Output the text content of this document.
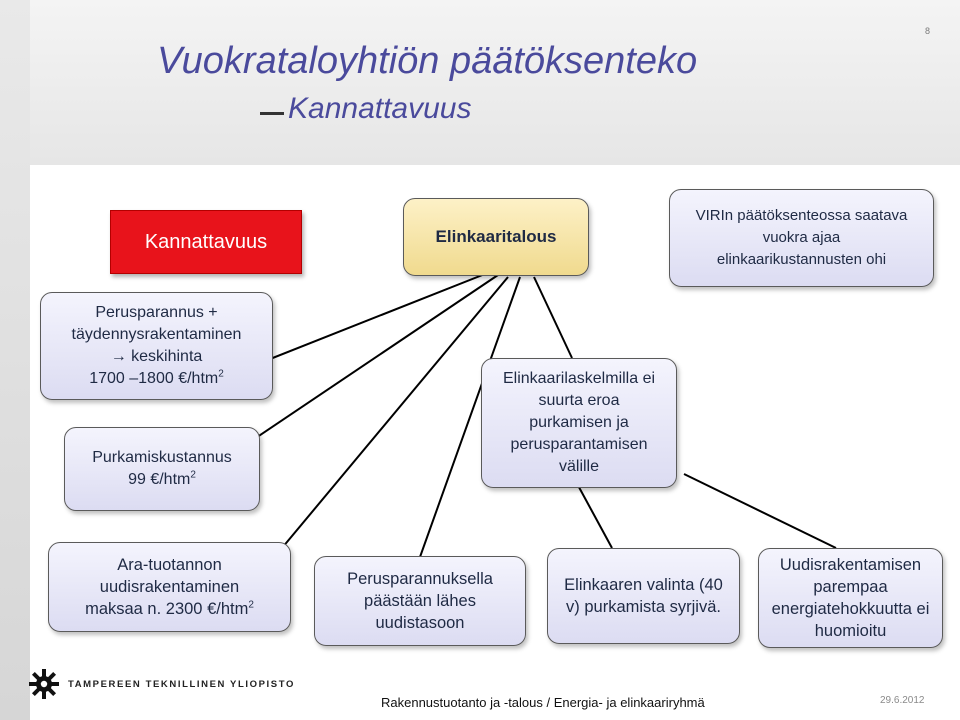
Vuokrataloyhtiön päätöksenteko
Kannattavuus
8
Kannattavuus	Elinkaaritalous
VIRIn päätöksenteossa saatava vuokra ajaa elinkaarikustannusten ohi
Perusparannus +
täydennysrakentaminen
→ keskihinta
1700 –1800 €/htm$^2$
Purkamiskustannus
99 €/htm$^2$
Elinkaarilaskelmilla ei suurta eroa purkamisen ja perusparantamisen välille
Ara-tuotannon
uudisrakentaminen
maksaa n. 2300 €/htm$^2$
Perusparannuksella päästään lähes uudistasoon
Elinkaaren valinta (40 v) purkamista syrjivä.
Uudisrakentamisen parempaa energiatehokkuutta ei huomioitu
TAMPEREEN TEKNILLINEN YLIOPISTO
Rakennustuotanto ja -talous / Energia- ja elinkaariryhmä	29.6.2012
